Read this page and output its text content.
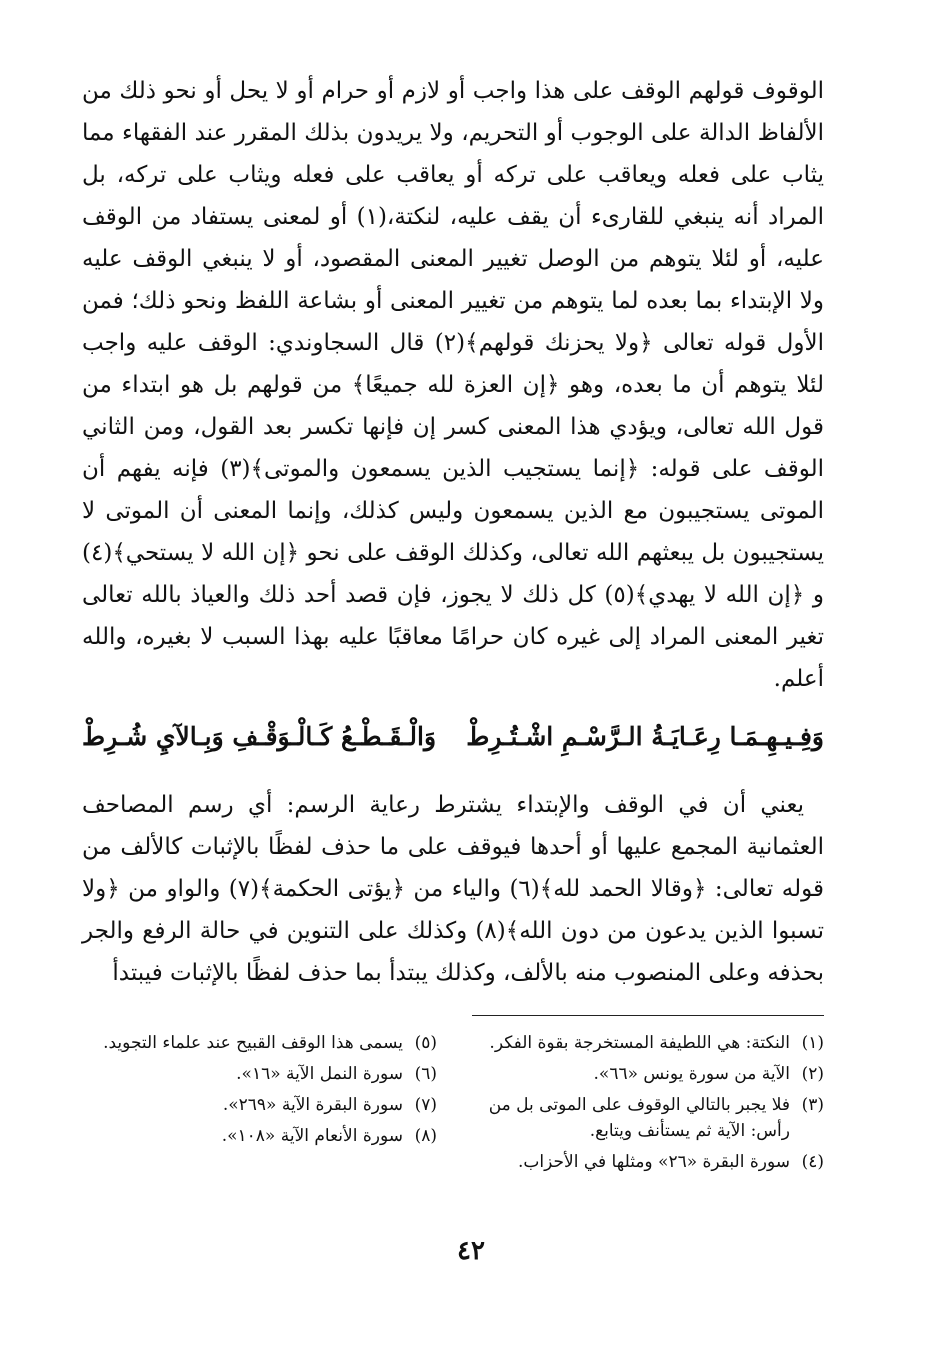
الوقوف قولهم الوقف على هذا واجب أو لازم أو حرام أو لا يحل أو نحو ذلك من الألفاظ الدالة على الوجوب أو التحريم، ولا يريدون بذلك المقرر عند الفقهاء مما يثاب على فعله ويعاقب على تركه أو يعاقب على فعله ويثاب على تركه، بل المراد أنه ينبغي للقارىء أن يقف عليه، لنكتة،(١) أو لمعنى يستفاد من الوقف عليه، أو لئلا يتوهم من الوصل تغيير المعنى المقصود، أو لا ينبغي الوقف عليه ولا الإبتداء بما بعده لما يتوهم من تغيير المعنى أو بشاعة اللفظ ونحو ذلك؛ فمن الأول قوله تعالى ﴿ولا يحزنك قولهم﴾(٢) قال السجاوندي: الوقف عليه واجب لئلا يتوهم أن ما بعده، وهو ﴿إن العزة لله جميعًا﴾ من قولهم بل هو ابتداء من قول الله تعالى، ويؤدي هذا المعنى كسر إن فإنها تكسر بعد القول، ومن الثاني الوقف على قوله: ﴿إنما يستجيب الذين يسمعون والموتى﴾(٣) فإنه يفهم أن الموتى يستجيبون مع الذين يسمعون وليس كذلك، وإنما المعنى أن الموتى لا يستجيبون بل يبعثهم الله تعالى، وكذلك الوقف على نحو ﴿إن الله لا يستحي﴾(٤) و ﴿إن الله لا يهدي﴾(٥) كل ذلك لا يجوز، فإن قصد أحد ذلك والعياذ بالله تعالى تغير المعنى المراد إلى غيره كان حرامًا معاقبًا عليه بهذا السبب لا بغيره، والله أعلم.

وَفِـيـهِـمَـا رِعَـايَـةُ الـرَّسْـمِ اشْـتُـرِطْ
وَالْـقَـطْـعُ كَـالْـوَقْـفِ وَبِـالآيِ شُـرِطْ

يعني أن في الوقف والإبتداء يشترط رعاية الرسم: أي رسم المصاحف العثمانية المجمع عليها أو أحدها فيوقف على ما حذف لفظًا بالإثبات كالألف من قوله تعالى: ﴿وقالا الحمد لله﴾(٦) والياء من ﴿يؤتى الحكمة﴾(٧) والواو من ﴿ولا تسبوا الذين يدعون من دون الله﴾(٨) وكذلك على التنوين في حالة الرفع والجر بحذفه وعلى المنصوب منه بالألف، وكذلك يبتدأ بما حذف لفظًا بالإثبات فيبتدأ

(١)
النكتة: هي اللطيفة المستخرجة بقوة الفكر.
(٢)
الآية من سورة يونس «٦٦».
(٣)
فلا يجبر بالتالي الوقوف على الموتى بل من رأس: الآية ثم يستأنف ويتابع.
(٤)
سورة البقرة «٢٦» ومثلها في الأحزاب.
(٥)
يسمى هذا الوقف القبيح عند علماء التجويد.
(٦)
سورة النمل الآية «١٦».
(٧)
سورة البقرة الآية «٢٦٩».
(٨)
سورة الأنعام الآية «١٠٨».
٤٢
